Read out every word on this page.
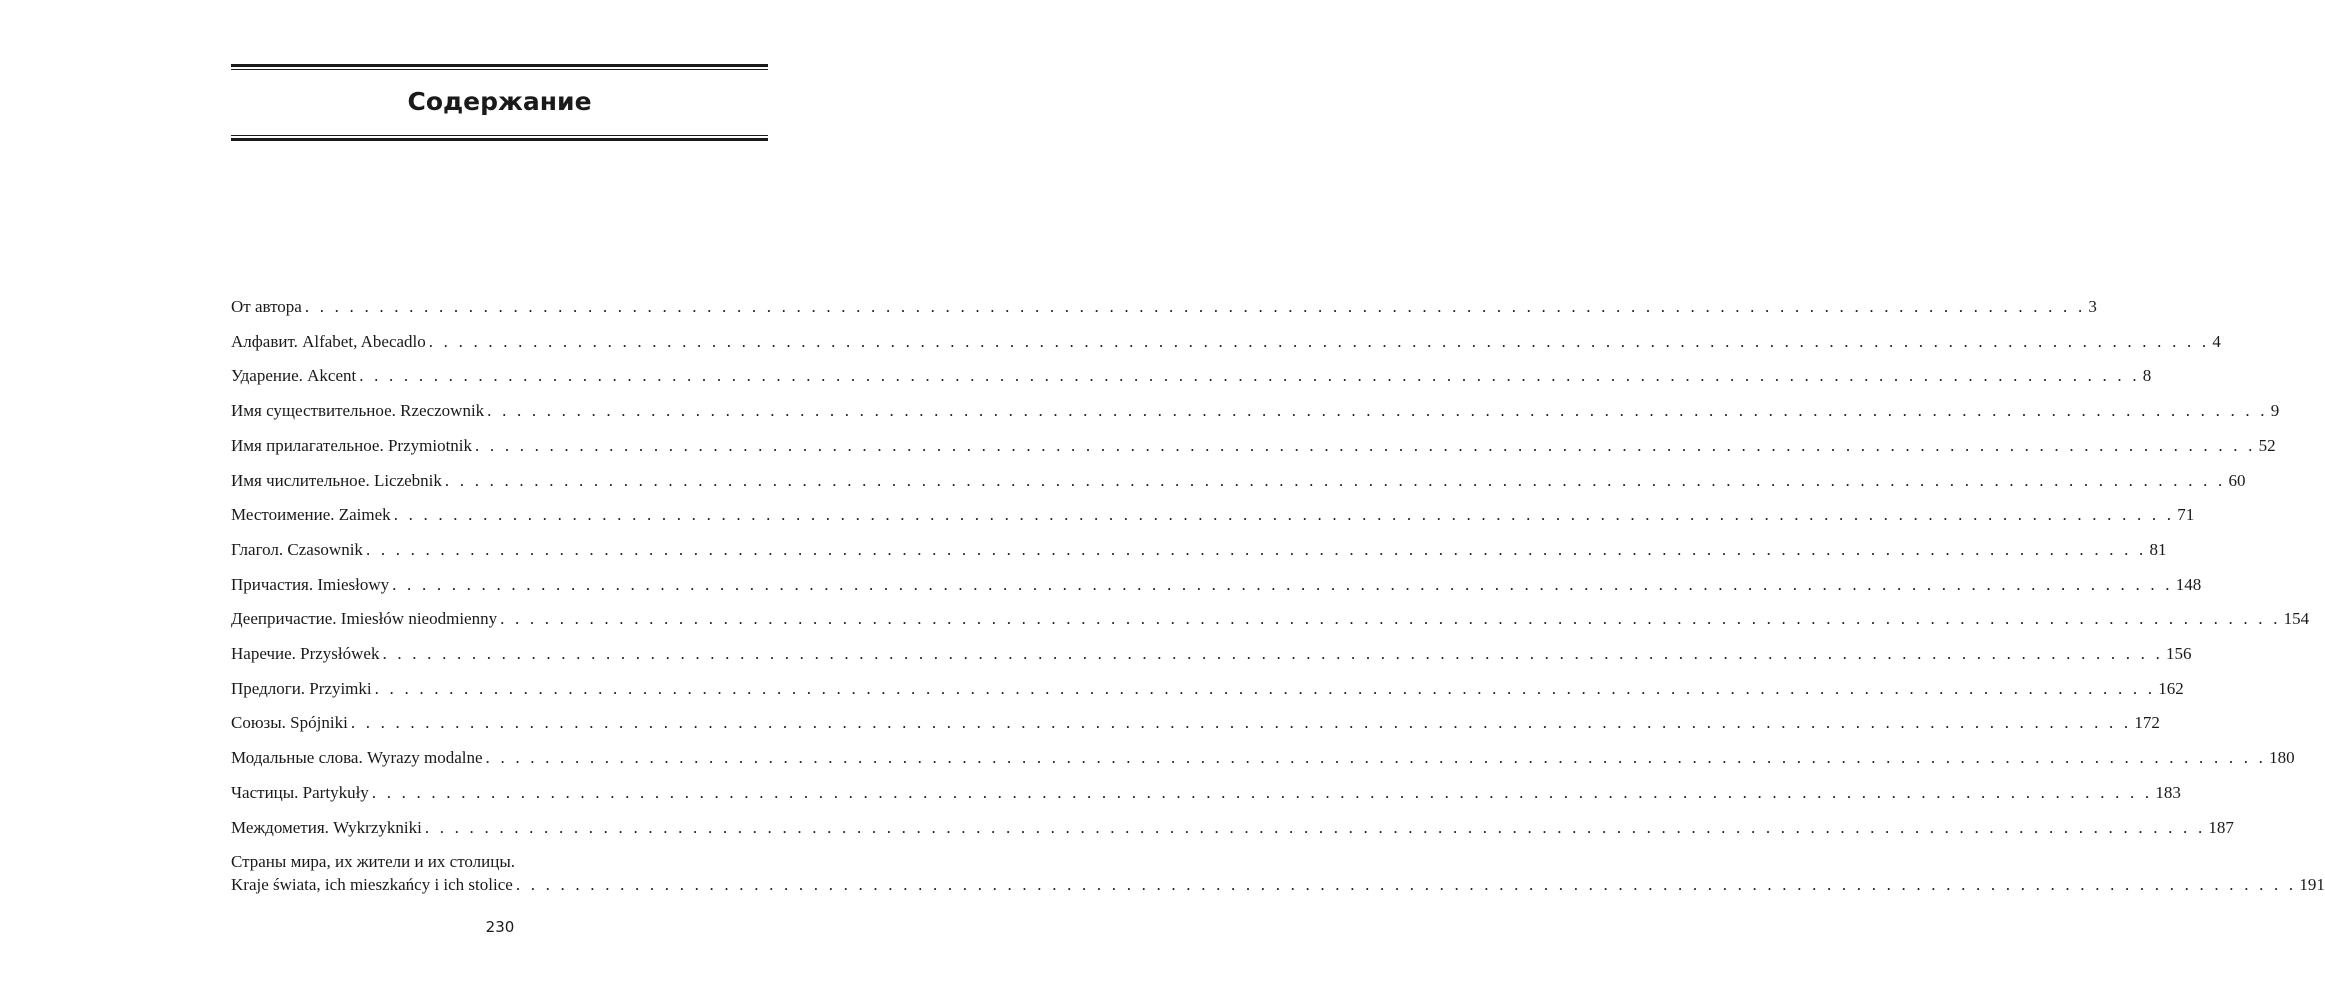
Содержание
От автора . . . . . . . . . . . . . . . . . . . . . . . . . . . . . . . . . . . . . . . . . . . . . . . . . . . . . . . . . . . . . . . . . . . . . . . . . . . . . . . . . . . . . . . . . . . . . . . . . . . . . . . . . . . . . . . . . . . . . . . . 3
Алфавит. Alfabet, Abecadlo . . . . . . . . . . . . . . . . . . . . . . . . . . . . . . . . . . . . . . . . . . . . . . . . . . . . . . . . . . . . . . . . . . . . . . . . . . . . . . . . . . . . . . . . . . . . . . . . . . . . . . . . . . . . . . . . . . . . . . . . 4
Ударение. Akcent . . . . . . . . . . . . . . . . . . . . . . . . . . . . . . . . . . . . . . . . . . . . . . . . . . . . . . . . . . . . . . . . . . . . . . . . . . . . . . . . . . . . . . . . . . . . . . . . . . . . . . . . . . . . . . . . . . . . . . . . 8
Имя существительное. Rzeczownik . . . . . . . . . . . . . . . . . . . . . . . . . . . . . . . . . . . . . . . . . . . . . . . . . . . . . . . . . . . . . . . . . . . . . . . . . . . . . . . . . . . . . . . . . . . . . . . . . . . . . . . . . . . . . . . . . . . . . . . . 9
Имя прилагательное. Przymiotnik . . . . . . . . . . . . . . . . . . . . . . . . . . . . . . . . . . . . . . . . . . . . . . . . . . . . . . . . . . . . . . . . . . . . . . . . . . . . . . . . . . . . . . . . . . . . . . . . . . . . . . . . . . . . . . . . . . . . . . . . 52
Имя числительное. Liczebnik . . . . . . . . . . . . . . . . . . . . . . . . . . . . . . . . . . . . . . . . . . . . . . . . . . . . . . . . . . . . . . . . . . . . . . . . . . . . . . . . . . . . . . . . . . . . . . . . . . . . . . . . . . . . . . . . . . . . . . . . 60
Местоимение. Zaimek . . . . . . . . . . . . . . . . . . . . . . . . . . . . . . . . . . . . . . . . . . . . . . . . . . . . . . . . . . . . . . . . . . . . . . . . . . . . . . . . . . . . . . . . . . . . . . . . . . . . . . . . . . . . . . . . . . . . . . . . 71
Глагол. Czasownik . . . . . . . . . . . . . . . . . . . . . . . . . . . . . . . . . . . . . . . . . . . . . . . . . . . . . . . . . . . . . . . . . . . . . . . . . . . . . . . . . . . . . . . . . . . . . . . . . . . . . . . . . . . . . . . . . . . . . . . . 81
Причастия. Imiesłowy . . . . . . . . . . . . . . . . . . . . . . . . . . . . . . . . . . . . . . . . . . . . . . . . . . . . . . . . . . . . . . . . . . . . . . . . . . . . . . . . . . . . . . . . . . . . . . . . . . . . . . . . . . . . . . . . . . . . . . . . 148
Деепричастие. Imiesłów nieodmienny . . . . . . . . . . . . . . . . . . . . . . . . . . . . . . . . . . . . . . . . . . . . . . . . . . . . . . . . . . . . . . . . . . . . . . . . . . . . . . . . . . . . . . . . . . . . . . . . . . . . . . . . . . . . . . . . . . . . . . . . 154
Наречие. Przysłówek . . . . . . . . . . . . . . . . . . . . . . . . . . . . . . . . . . . . . . . . . . . . . . . . . . . . . . . . . . . . . . . . . . . . . . . . . . . . . . . . . . . . . . . . . . . . . . . . . . . . . . . . . . . . . . . . . . . . . . . . 156
Предлоги. Przyimki . . . . . . . . . . . . . . . . . . . . . . . . . . . . . . . . . . . . . . . . . . . . . . . . . . . . . . . . . . . . . . . . . . . . . . . . . . . . . . . . . . . . . . . . . . . . . . . . . . . . . . . . . . . . . . . . . . . . . . . . 162
Союзы. Spójniki . . . . . . . . . . . . . . . . . . . . . . . . . . . . . . . . . . . . . . . . . . . . . . . . . . . . . . . . . . . . . . . . . . . . . . . . . . . . . . . . . . . . . . . . . . . . . . . . . . . . . . . . . . . . . . . . . . . . . . . . 172
Модальные слова. Wyrazy modalne . . . . . . . . . . . . . . . . . . . . . . . . . . . . . . . . . . . . . . . . . . . . . . . . . . . . . . . . . . . . . . . . . . . . . . . . . . . . . . . . . . . . . . . . . . . . . . . . . . . . . . . . . . . . . . . . . . . . . . . . 180
Частицы. Partykuły . . . . . . . . . . . . . . . . . . . . . . . . . . . . . . . . . . . . . . . . . . . . . . . . . . . . . . . . . . . . . . . . . . . . . . . . . . . . . . . . . . . . . . . . . . . . . . . . . . . . . . . . . . . . . . . . . . . . . . . . 183
Междометия. Wykrzykniki . . . . . . . . . . . . . . . . . . . . . . . . . . . . . . . . . . . . . . . . . . . . . . . . . . . . . . . . . . . . . . . . . . . . . . . . . . . . . . . . . . . . . . . . . . . . . . . . . . . . . . . . . . . . . . . . . . . . . . . . 187
Страны мира, их жители и их столицы.
Kraje świata, ich mieszkańcy i ich stolice . . . . . . . . . . . . . . . . . . . . . . . . . . . . . . . . . . . . . . . . . . . . . . . . . . . . . . . . . . . . . . . . . . . . . . . . . . . . . . . . . . . . . . . . . . . . . . . . . . . . . . . . . . . . . . . . . . . . . . . . 191
230
